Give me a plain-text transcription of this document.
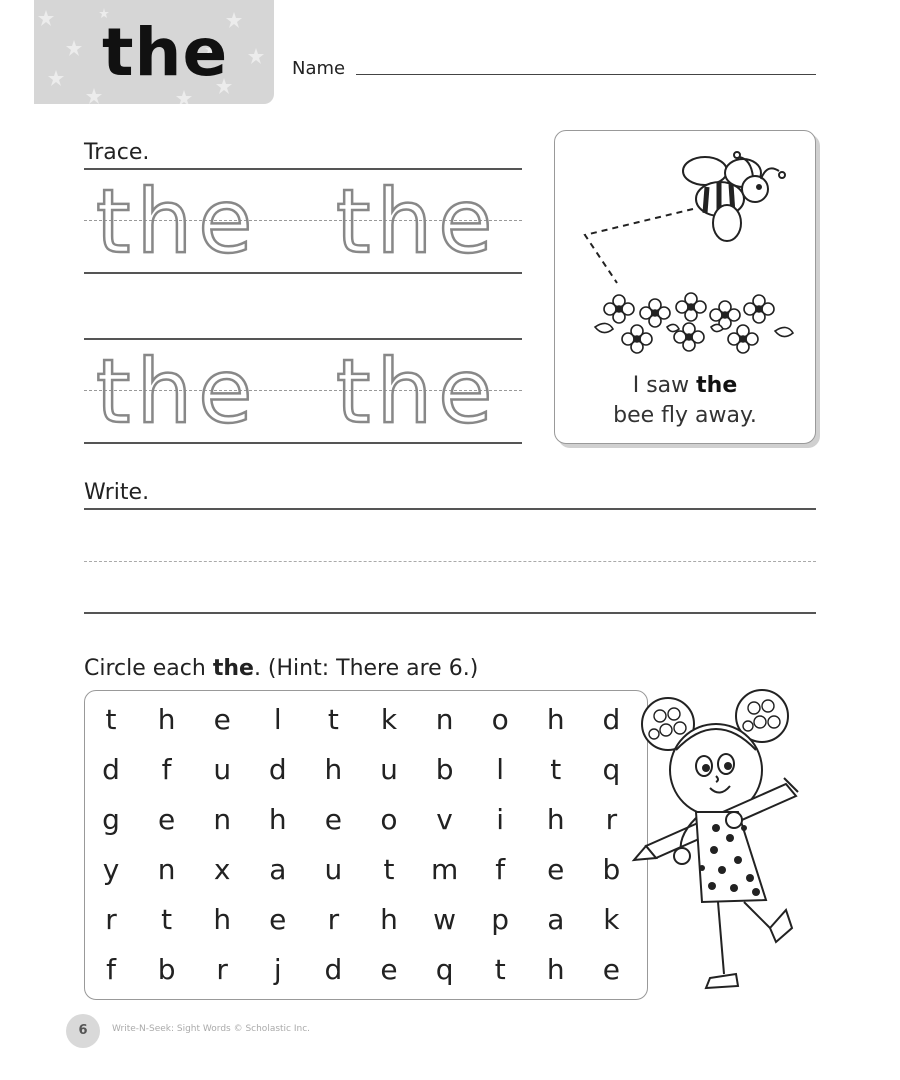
the	Name
Trace.
the the
the the	I saw the
bee fly away.
Write.
Circle each the. (Hint: There are 6.)
t	h	e	l	t	k	n	o	h	d
d	f	u	d	h	u	b	l	t	q
g	e	n	h	e	o	v	i	h	r
y	n	x	a	u	t	m	f	e	b
r	t	h	e	r	h	w	p	a	k
f	b	r	j	d	e	q	t	h	e
6	Write-N-Seek: Sight Words © Scholastic Inc.
